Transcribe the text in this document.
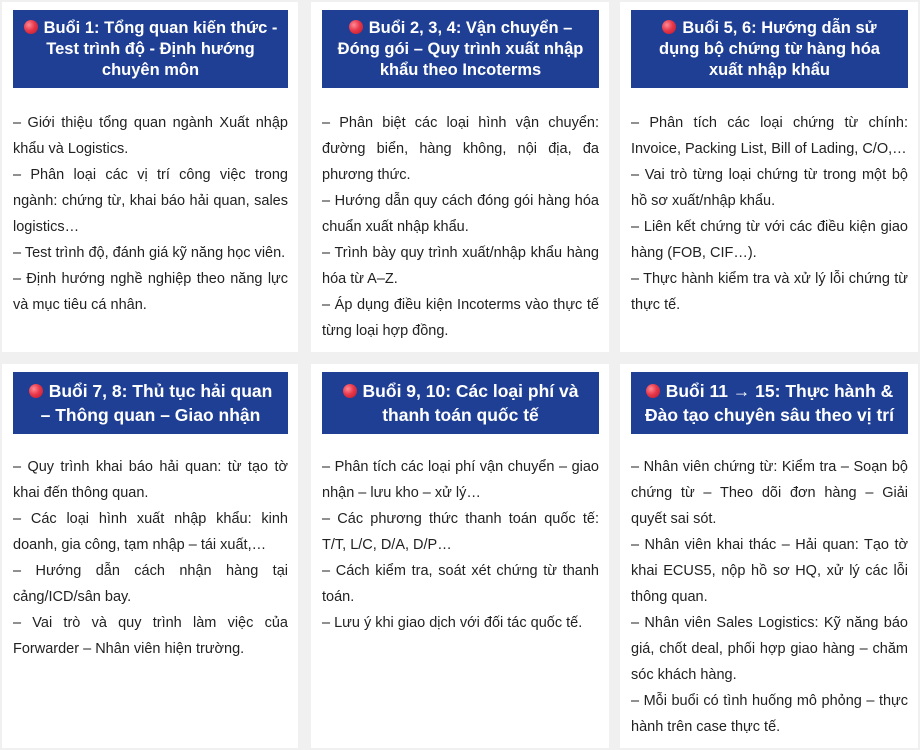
Buổi 1: Tổng quan kiến thức - Test trình độ - Định hướng chuyên môn

– Giới thiệu tổng quan ngành Xuất nhập khẩu và Logistics.

– Phân loại các vị trí công việc trong ngành: chứng từ, khai báo hải quan, sales logistics…

– Test trình độ, đánh giá kỹ năng học viên.

– Định hướng nghề nghiệp theo năng lực và mục tiêu cá nhân.

Buổi 2, 3, 4: Vận chuyển – Đóng gói – Quy trình xuất nhập khẩu theo Incoterms

– Phân biệt các loại hình vận chuyển: đường biển, hàng không, nội địa, đa phương thức.

– Hướng dẫn quy cách đóng gói hàng hóa chuẩn xuất nhập khẩu.

– Trình bày quy trình xuất/nhập khẩu hàng hóa từ A–Z.

– Áp dụng điều kiện Incoterms vào thực tế từng loại hợp đồng.

Buổi 5, 6: Hướng dẫn sử dụng bộ chứng từ hàng hóa xuất nhập khẩu

– Phân tích các loại chứng từ chính: Invoice, Packing List, Bill of Lading, C/O,…

– Vai trò từng loại chứng từ trong một bộ hồ sơ xuất/nhập khẩu.

– Liên kết chứng từ với các điều kiện giao hàng (FOB, CIF…).

– Thực hành kiểm tra và xử lý lỗi chứng từ thực tế.

Buổi 7, 8: Thủ tục hải quan – Thông quan – Giao nhận

– Quy trình khai báo hải quan: từ tạo tờ khai đến thông quan.

– Các loại hình xuất nhập khẩu: kinh doanh, gia công, tạm nhập – tái xuất,…

– Hướng dẫn cách nhận hàng tại cảng/ICD/sân bay.

– Vai trò và quy trình làm việc của Forwarder – Nhân viên hiện trường.

Buổi 9, 10: Các loại phí và thanh toán quốc tế

– Phân tích các loại phí vận chuyển – giao nhận – lưu kho – xử lý…

– Các phương thức thanh toán quốc tế: T/T, L/C, D/A, D/P…

– Cách kiểm tra, soát xét chứng từ thanh toán.

– Lưu ý khi giao dịch với đối tác quốc tế.

Buổi 11 → 15: Thực hành & Đào tạo chuyên sâu theo vị trí

– Nhân viên chứng từ: Kiểm tra – Soạn bộ chứng từ – Theo dõi đơn hàng – Giải quyết sai sót.

– Nhân viên khai thác – Hải quan: Tạo tờ khai ECUS5, nộp hồ sơ HQ, xử lý các lỗi thông quan.

– Nhân viên Sales Logistics: Kỹ năng báo giá, chốt deal, phối hợp giao hàng – chăm sóc khách hàng.

– Mỗi buổi có tình huống mô phỏng – thực hành trên case thực tế.
